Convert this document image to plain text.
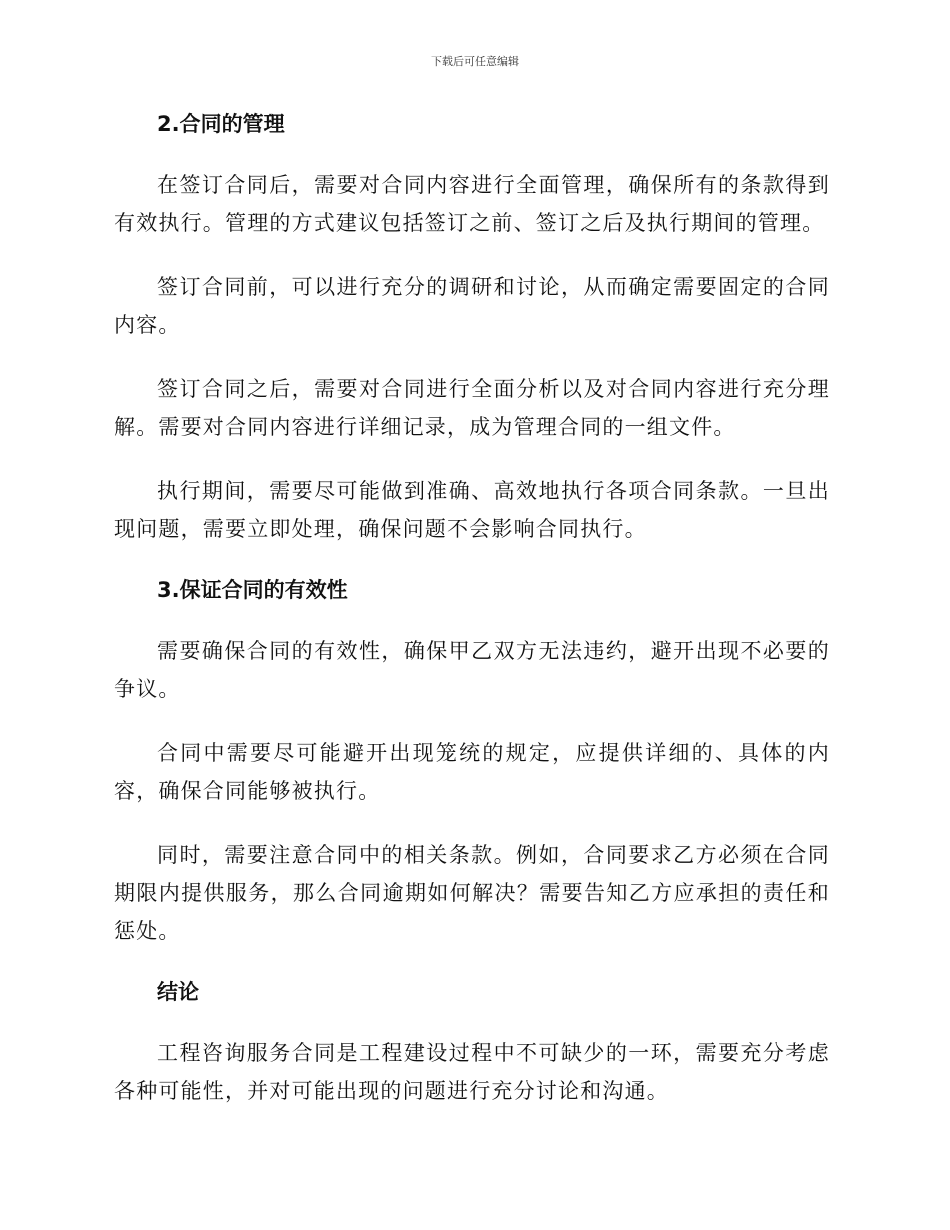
下载后可任意编辑
2.合同的管理

在签订合同后，需要对合同内容进行全面管理，确保所有的条款得到有效执行。管理的方式建议包括签订之前、签订之后及执行期间的管理。

签订合同前，可以进行充分的调研和讨论，从而确定需要固定的合同内容。

签订合同之后，需要对合同进行全面分析以及对合同内容进行充分理解。需要对合同内容进行详细记录，成为管理合同的一组文件。

执行期间，需要尽可能做到准确、高效地执行各项合同条款。一旦出现问题，需要立即处理，确保问题不会影响合同执行。

3.保证合同的有效性

需要确保合同的有效性，确保甲乙双方无法违约，避开出现不必要的争议。

合同中需要尽可能避开出现笼统的规定，应提供详细的、具体的内容，确保合同能够被执行。

同时，需要注意合同中的相关条款。例如，合同要求乙方必须在合同期限内提供服务，那么合同逾期如何解决？需要告知乙方应承担的责任和惩处。

结论

工程咨询服务合同是工程建设过程中不可缺少的一环，需要充分考虑各种可能性，并对可能出现的问题进行充分讨论和沟通。
